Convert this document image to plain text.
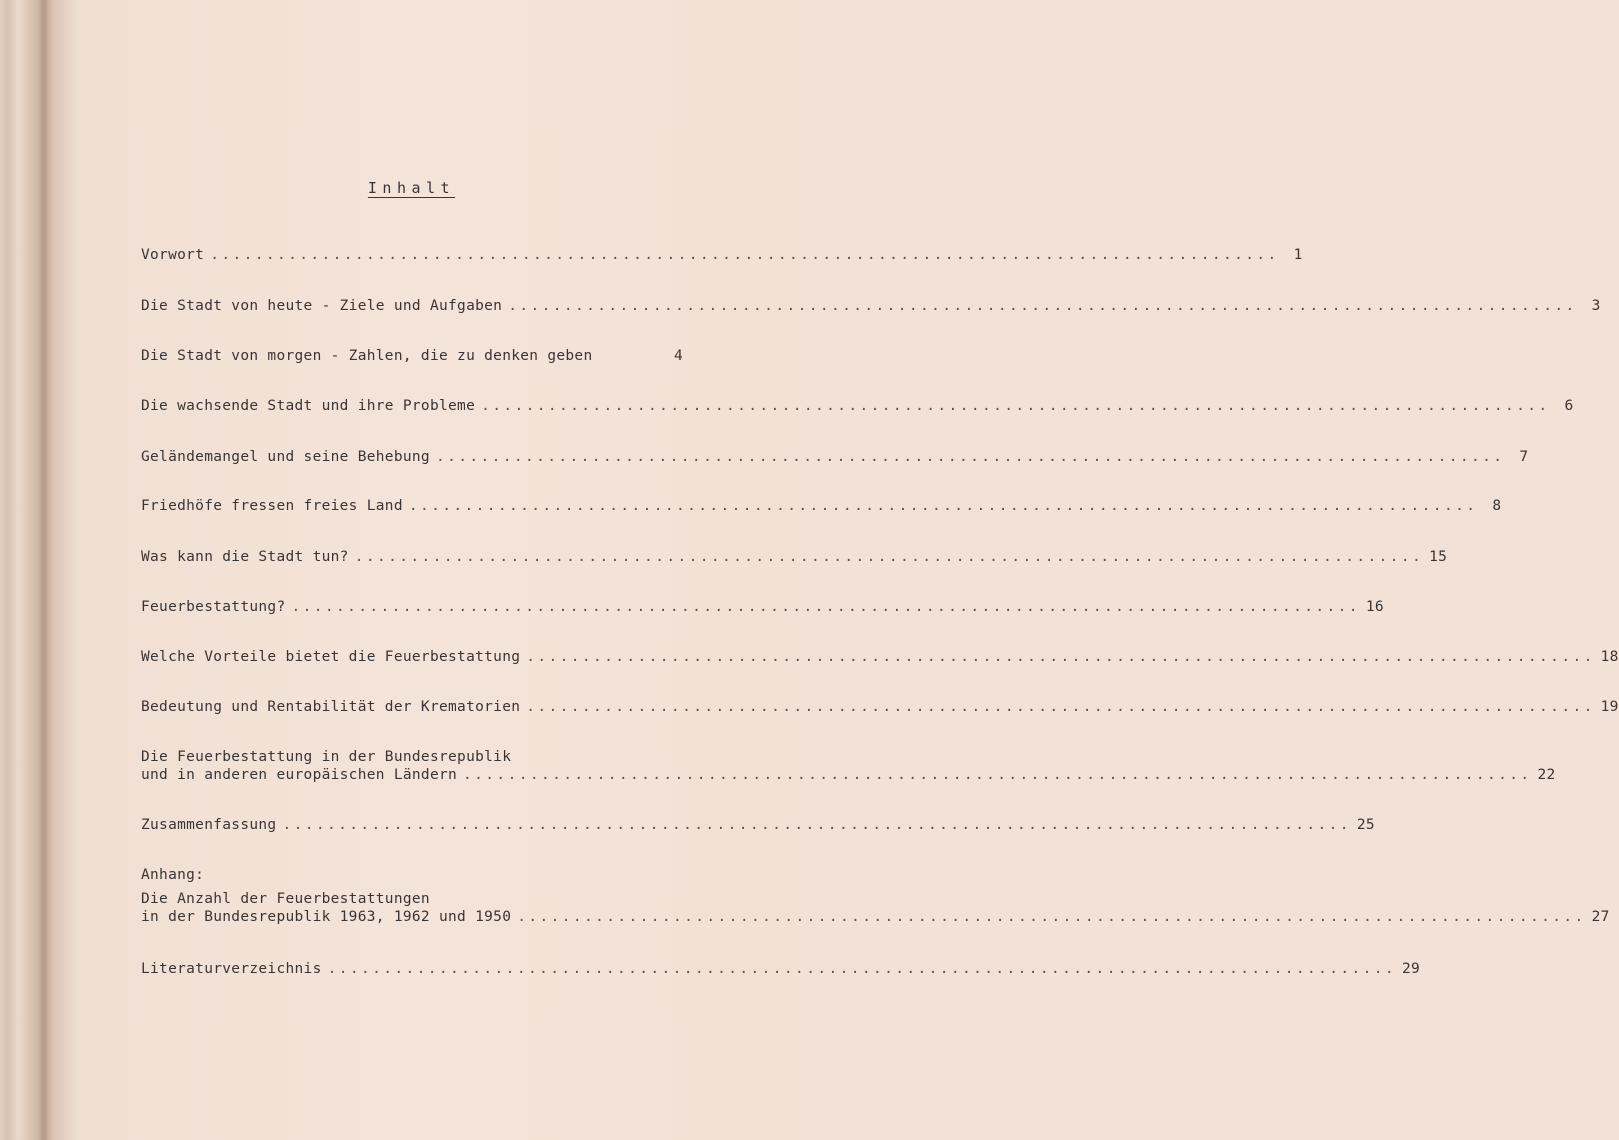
Inhalt
Vorwort ................................................................................................	1
Die Stadt von heute - Ziele und Aufgaben ................................................................................................	3
Die Stadt von morgen - Zahlen, die zu denken geben	4
Die wachsende Stadt und ihre Probleme ................................................................................................	6
Geländemangel und seine Behebung ................................................................................................	7
Friedhöfe fressen freies Land ................................................................................................	8
Was kann die Stadt tun? ................................................................................................ 15
Feuerbestattung? ................................................................................................ 16
Welche Vorteile bietet die Feuerbestattung ................................................................................................ 18
Bedeutung und Rentabilität der Krematorien ................................................................................................ 19
Die Feuerbestattung in der Bundesrepublik
und in anderen europäischen Ländern ................................................................................................ 22
Zusammenfassung ................................................................................................ 25
Anhang:
Die Anzahl der Feuerbestattungen
in der Bundesrepublik 1963, 1962 und 1950 ................................................................................................ 27
Literaturverzeichnis ................................................................................................ 29
